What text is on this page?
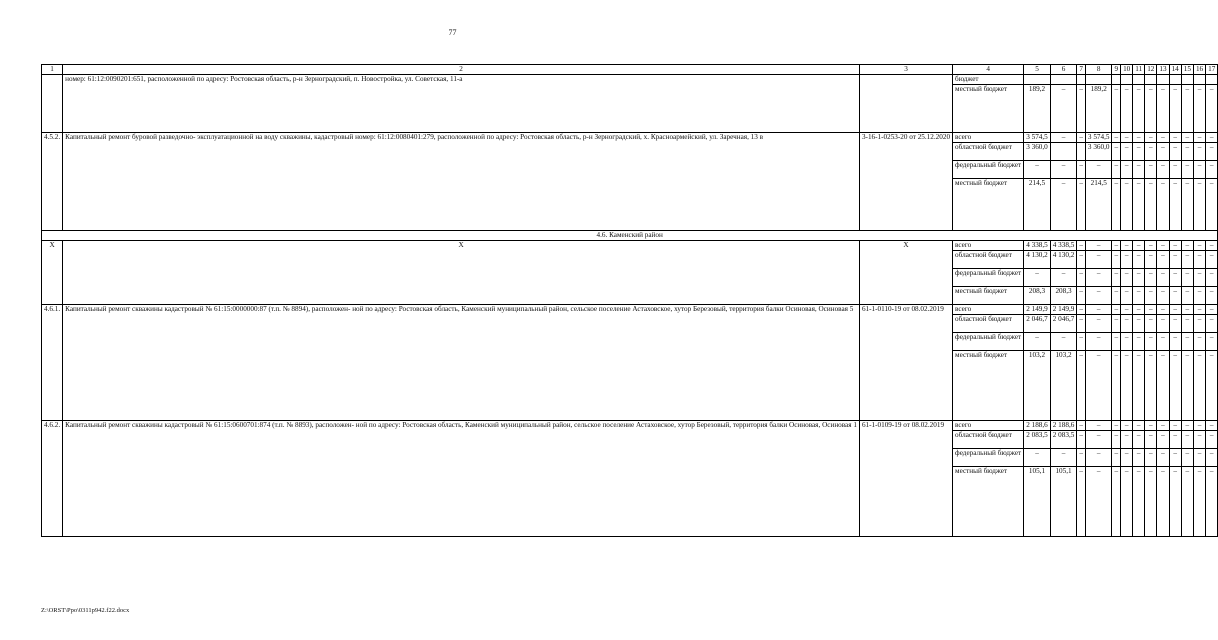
77
1	2	3	4	5	6	7	8	9	10	11	12	13	14	15	16	17
	номер: 61:12:0090201:651, расположенной по адресу: Ростовская область, р-н Зерноградский, п. Новостройка, ул. Советская, 11-а		бюджет													
			местный бюджет	189,2	–	–	189,2	–	–	–	–	–	–	–	–	–
4.5.2.	Капитальный ремонт буровой разведочно- эксплуатационной на воду скважины, кадастровый номер: 61:12:0080401:279, расположенной по адресу: Ростовская область, р-н Зерноградский, х. Красноармейский, ул. Заречная, 13 в	3-16-1-0253-20 от 25.12.2020	всего	3 574,5	–	–	3 574,5	–	–	–	–	–	–	–	–	–
			областной бюджет	3 360,0			3 360,0	–	–	–	–	–	–	–	–	–
			федеральный бюджет	–	–	–	–	–	–	–	–	–	–	–	–	–
			местный бюджет	214,5	–	–	214,5	–	–	–	–	–	–	–	–	–
4.6. Каменский район																
X	X	X	всего	4 338,5	4 338,5	–	–	–	–	–	–	–	–	–	–	–
			областной бюджет	4 130,2	4 130,2	–	–	–	–	–	–	–	–	–	–	–
			федеральный бюджет	–	–	–	–	–	–	–	–	–	–	–	–	–
			местный бюджет	208,3	208,3	–	–	–	–	–	–	–	–	–	–	–
4.6.1.	Капитальный ремонт скважины кадастровый № 61:15:0000000:87 (т.п. № 8894), расположен- ной по адресу: Ростовская область, Каменский муниципальный район, сельское поселение Астаховское, хутор Березовый, территория балки Осиновая, Осиновая 5	61-1-0110-19 от 08.02.2019	всего	2 149,9	2 149,9	–	–	–	–	–	–	–	–	–	–	–
			областной бюджет	2 046,7	2 046,7	–	–	–	–	–	–	–	–	–	–	–
			федеральный бюджет	–	–	–	–	–	–	–	–	–	–	–	–	–
			местный бюджет	103,2	103,2	–	–	–	–	–	–	–	–	–	–	–
4.6.2.	Капитальный ремонт скважины кадастровый № 61:15:0600701:874 (т.п. № 8893), расположен- ной по адресу: Ростовская область, Каменский муниципальный район, сельское поселение Астаховское, хутор Березовый, территория балки Осиновая, Осиновая 1	61-1-0109-19 от 08.02.2019	всего	2 188,6	2 188,6	–	–	–	–	–	–	–	–	–	–	–
			областной бюджет	2 083,5	2 083,5	–	–	–	–	–	–	–	–	–	–	–
			федеральный бюджет	–	–	–	–	–	–	–	–	–	–	–	–	–
			местный бюджет	105,1	105,1	–	–	–	–	–	–	–	–	–	–	–
Z:\ORST\Ppo\0311p942.f22.docx
